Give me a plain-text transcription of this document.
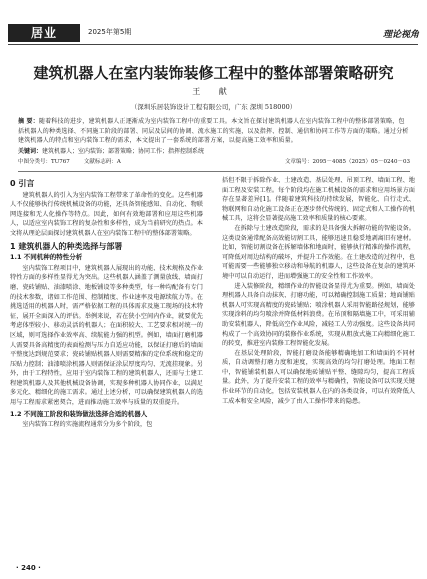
居业	2025年第5期	理论视角
建筑机器人在室内装饰装修工程中的整体部署策略研究
王 献
（深圳乐居装饰设计工程有限公司，广东 深圳 518000）
摘 要：随着科技的进步，建筑机器人正逐渐成为室内装饰工程中的重要工具。本文旨在探讨建筑机器人在室内装饰工程中的整体部署策略，包括机器人的种类选择、不同施工阶段的部署、同层及层间的协调、流水施工的实施，以及指挥、控制、通信和协同工作等方面的策略。通过分析建筑机器人的特点和室内装饰工程的需求，本文提出了一套系统的部署方案，以提高施工效率和质量。
关键词：建筑机器人；室内装饰；部署策略；协同工作；指挥控制系统
中图分类号：TU767	文献标志码：A	文章编号：2095－4085（2025）05－0240－03
0 引言

建筑机器人的引入为室内装饰工程带来了革命性的变化。这些机器人不仅能够执行传统机械设备的功能，还具备智能感知、自动化、物联网连接和无人化操作等特点。因此，如何有效地部署和应用这些机器人，以适应室内装饰工程的复杂性和多样性，成为当前研究的热点。本文将从理论层面探讨建筑机器人在室内装饰工程中的整体部署策略。

1 建筑机器人的种类选择与部署
1.1 不同机种的特性分析

室内装饰工程项目中，建筑机器人展现出的功能、技术规格及作业特性方面的多样性显得尤为突出。这些机器人涵盖了测量放线、墙面打磨、瓷砖铺贴、油漆喷涂、地板铺设等多种类型，每一种均配备有专门的技术参数，诸如工作范围、控制精度、作业速率及电源续航力等。在挑选适用的机器人时，需严格依据工程的具体需求及施工现场的技术特征，展开全面深入的评估。举例来说，若在狭小空间内作业，就要优先考虑体型较小、移动灵活的机器人；在面积较大、工艺要求相对统一的区域，则可选择作业效率高、续航能力强的机型。例如，墙面打磨机器人需要具备高精度的表面检测与压力自适应功能，以保证打磨后的墙面平整度达到规范要求；瓷砖铺贴机器人则需要精准的定位系统和稳定的压贴力控制；油漆喷涂机器人则需保证涂层厚度均匀、无流挂现象。另外，由于工程特性，应用于室内装饰工程的建筑机器人，还需与土建工程建筑机器人及其他机械设备协调，实现多种机器人协同作业，以满足多元化、精细化的施工需求。通过上述分析，可以确保建筑机器人的选用与工程需求紧密契合，进而推动施工效率与质量的双重提升。

1.2 不同施工阶段和装饰做法选择合适的机器人

室内装饰工程的实施流程通常分为多个阶段，包

括但不限于拆除作业、土建改造、基层处理、吊顶工程、墙面工程、地面工程及安装工程。每个阶段均在施工机械设备的需求和应用场景方面存在显著差异[1]。伴随着建筑科技的持续发展，智能化、自行走式、物联网和自动化施工设备正在逐步替代传统的、固定式和人工操作的机械工具，这将会显著提高施工效率和质量的核心要素。

在拆除与土建改造阶段，需求的是具备强大拆解功能的智能设备。这类设备通常配备高效能切割工具，能够迅速且稳妥地剥离旧有建材。比如，智能切割设备在拆解墙体和地面时，能够执行精准的操作流程，可降低对周边结构的破坏，并提升工作效能。在土建改造的过程中，也可能需要一些能够独立移动和导航的机器人，这些设备在复杂的建筑环境中可以自动运行，进而增强施工的安全性和工作效率。

进入装修阶段，精细作业的智能设备显得尤为重要。例如，墙面处理机器人具备自动抹灰、打磨功能，可以精确控制施工质量；地面铺贴机器人可实现高精度的瓷砖铺贴；喷涂机器人采用智能路径规划，能够实现涂料的均匀喷涂并降低材料浪费。在吊顶和隔墙施工中，可采用辅助安装机器人，降低高空作业风险，减轻工人劳动强度。这些设备共同构成了一个高效协同的装修作业系统，实现从粗放式施工向精细化施工的转变，推进室内装修工程智能化发展。

在基层处理阶段，智能打磨设备能够精确地加工和墙面的不同材质，自动调整打磨力度和速度，实现高效的均匀打磨处理。地面工程中，智能铺装机器人可以确保地砖铺贴平整、缝隙均匀，提高工程质量。此外，为了提升安装工程的效率与精确性，智能设备可以实现关键作业环节的自动化，包括安装机器人在内的各类设备，可以有效降低人工成本和安全风险，减少了由人工操作带来的隐患。

· 240 ·
